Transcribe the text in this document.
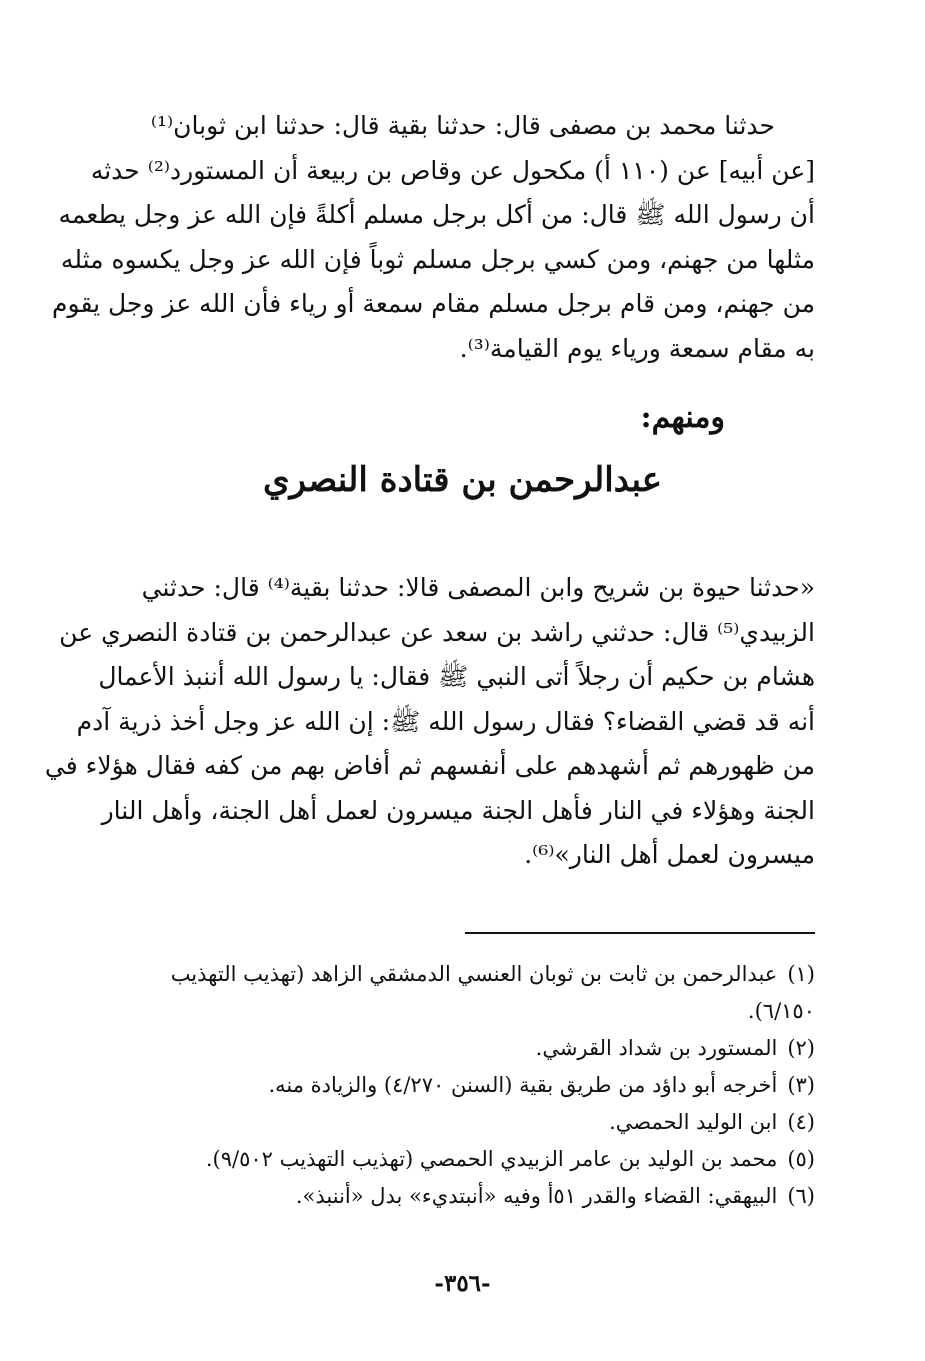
حدثنا محمد بن مصفى قال: حدثنا بقية قال: حدثنا ابن ثوبان⁽¹⁾
[عن أبيه] عن (١١٠ أ) مكحول عن وقاص بن ربيعة أن المستورد⁽²⁾ حدثه
أن رسول الله ﷺ قال: من أكل برجل مسلم أكلةً فإن الله عز وجل يطعمه
مثلها من جهنم، ومن كسي برجل مسلم ثوباً فإن الله عز وجل يكسوه مثله
من جهنم، ومن قام برجل مسلم مقام سمعة أو رياء فأن الله عز وجل يقوم
به مقام سمعة ورياء يوم القيامة⁽³⁾.
ومنهم:
عبدالرحمن بن قتادة النصري
«حدثنا حيوة بن شريح وابن المصفى قالا: حدثنا بقية⁽⁴⁾ قال: حدثني
الزبيدي⁽⁵⁾ قال: حدثني راشد بن سعد عن عبدالرحمن بن قتادة النصري عن
هشام بن حكيم أن رجلاً أتى النبي ﷺ فقال: يا رسول الله أننبذ الأعمال
أنه قد قضي القضاء؟ فقال رسول الله ﷺ: إن الله عز وجل أخذ ذرية آدم
من ظهورهم ثم أشهدهم على أنفسهم ثم أفاض بهم من كفه فقال هؤلاء في
الجنة وهؤلاء في النار فأهل الجنة ميسرون لعمل أهل الجنة، وأهل النار
ميسرون لعمل أهل النار»⁽⁶⁾.
(١)عبدالرحمن بن ثابت بن ثوبان العنسي الدمشقي الزاهد (تهذيب التهذيب
٦/١٥٠).
(٢)المستورد بن شداد القرشي.
(٣)أخرجه أبو داؤد من طريق بقية (السنن ٤/٢٧٠) والزيادة منه.
(٤)ابن الوليد الحمصي.
(٥)محمد بن الوليد بن عامر الزبيدي الحمصي (تهذيب التهذيب ٩/٥٠٢).
(٦)البيهقي: القضاء والقدر ٥١أ وفيه «أنبتديء» بدل «أننبذ».
-٣٥٦-
